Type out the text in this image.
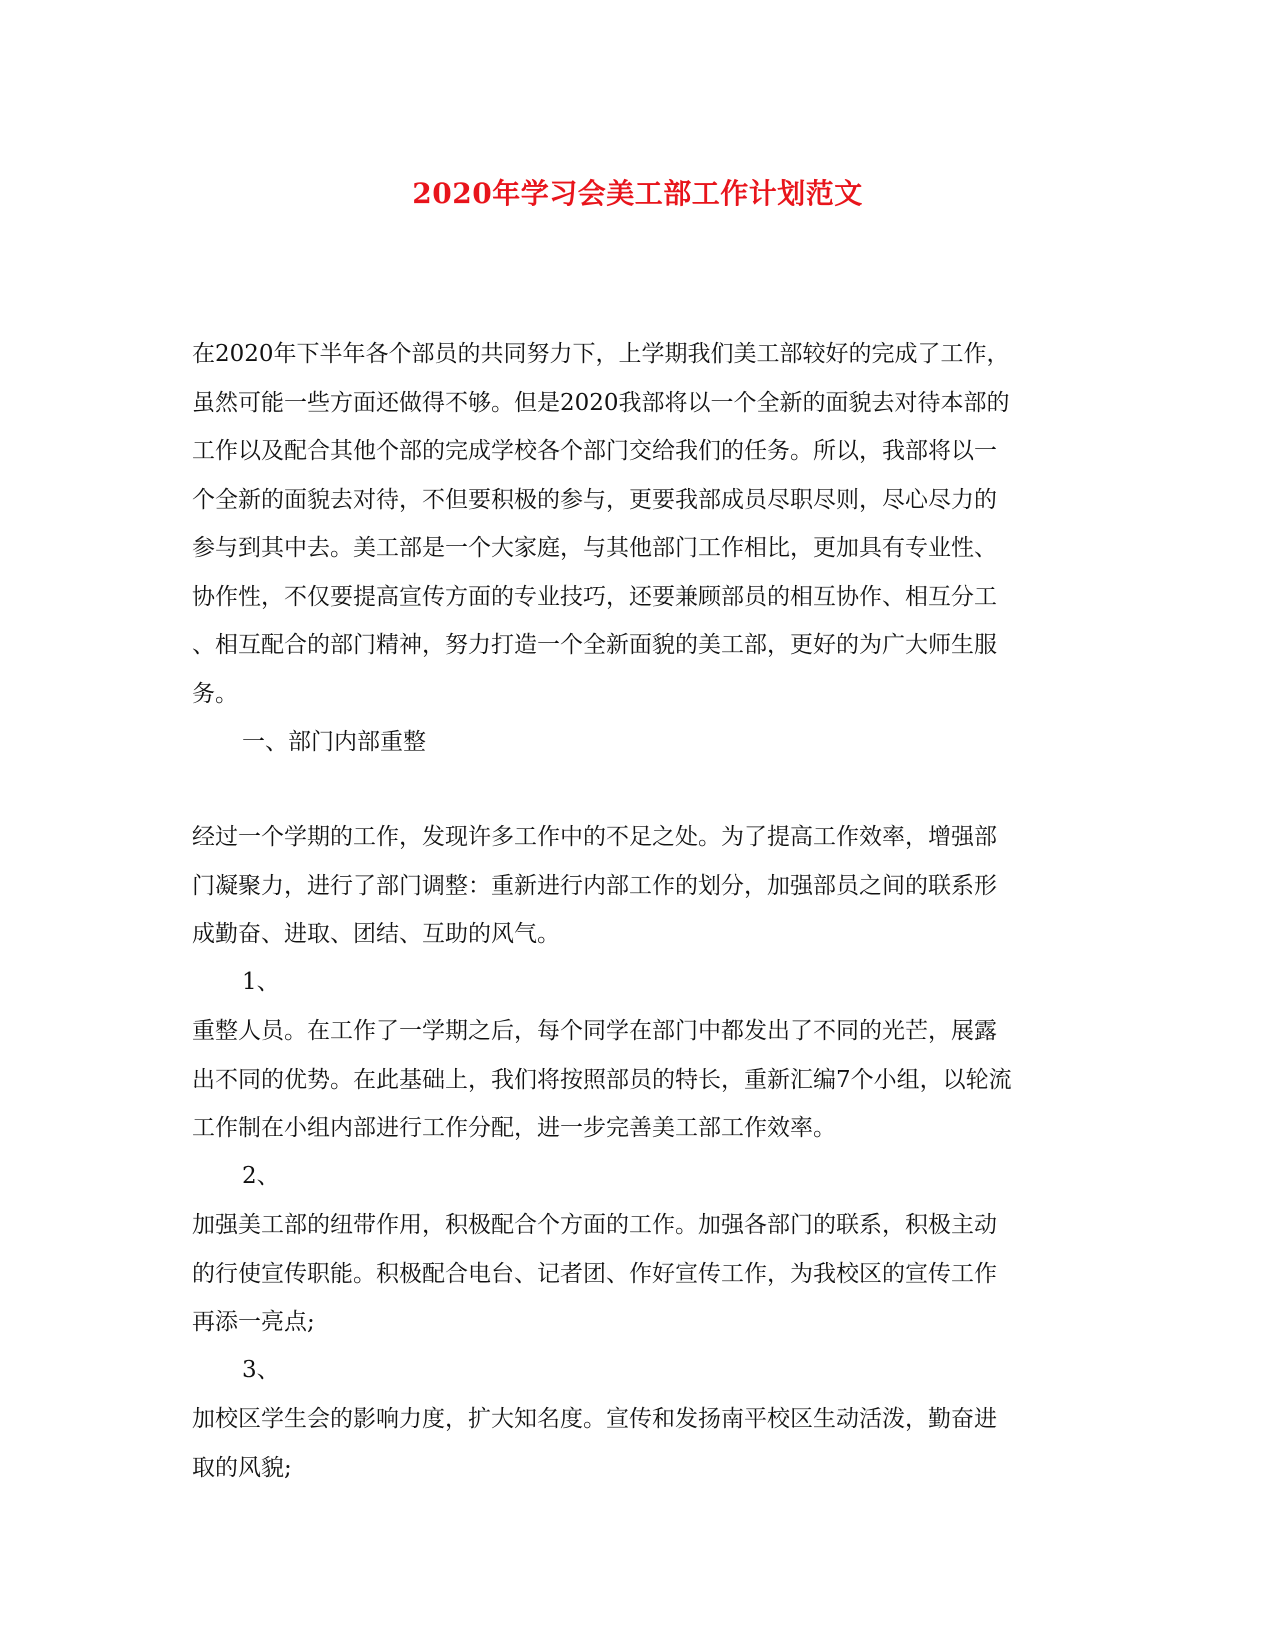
2020年学习会美工部工作计划范文
在2020年下半年各个部员的共同努力下，上学期我们美工部较好的完成了工作，
虽然可能一些方面还做得不够。但是2020我部将以一个全新的面貌去对待本部的
工作以及配合其他个部的完成学校各个部门交给我们的任务。所以，我部将以一
个全新的面貌去对待，不但要积极的参与，更要我部成员尽职尽则，尽心尽力的
参与到其中去。美工部是一个大家庭，与其他部门工作相比，更加具有专业性、
协作性，不仅要提高宣传方面的专业技巧，还要兼顾部员的相互协作、相互分工
、相互配合的部门精神，努力打造一个全新面貌的美工部，更好的为广大师生服
务。
一、部门内部重整
经过一个学期的工作，发现许多工作中的不足之处。为了提高工作效率，增强部
门凝聚力，进行了部门调整：重新进行内部工作的划分，加强部员之间的联系形
成勤奋、进取、团结、互助的风气。
1、
重整人员。在工作了一学期之后，每个同学在部门中都发出了不同的光芒，展露
出不同的优势。在此基础上，我们将按照部员的特长，重新汇编7个小组，以轮流
工作制在小组内部进行工作分配，进一步完善美工部工作效率。
2、
加强美工部的纽带作用，积极配合个方面的工作。加强各部门的联系，积极主动
的行使宣传职能。积极配合电台、记者团、作好宣传工作，为我校区的宣传工作
再添一亮点;
3、
加校区学生会的影响力度，扩大知名度。宣传和发扬南平校区生动活泼，勤奋进
取的风貌;
